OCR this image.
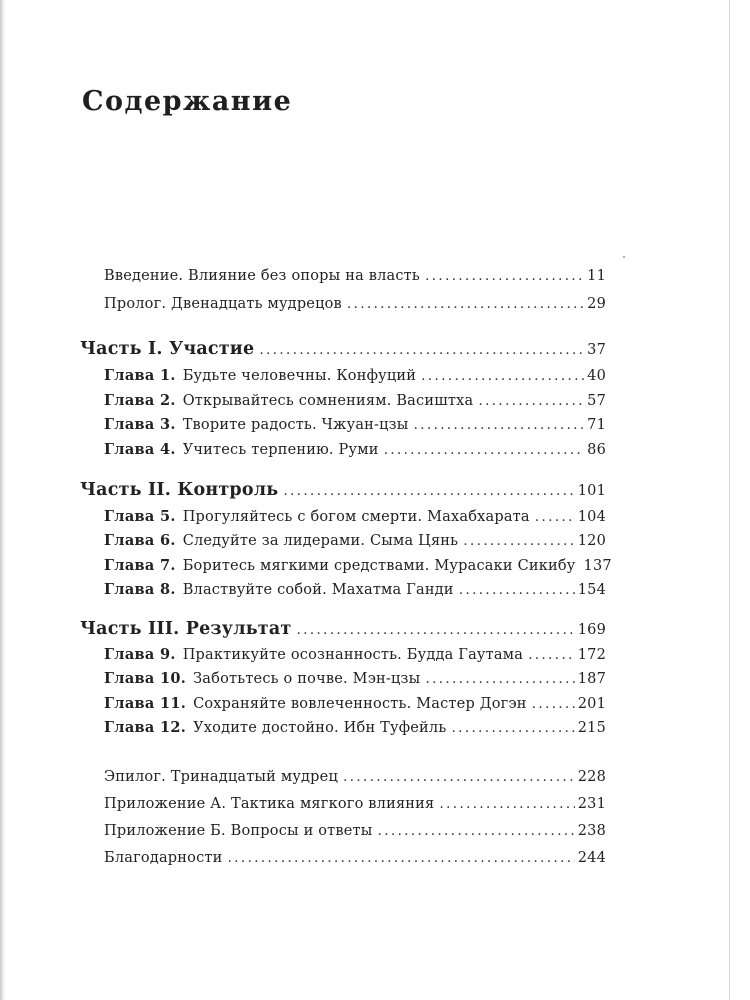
Содержание
Введение. Влияние без опоры на власть .....	11
Пролог. Двенадцать мудрецов .....	29
Часть I. Участие .....	37
Глава 1. Будьте человечны. Конфуций .....	40
Глава 2. Открывайтесь сомнениям. Васиштха .....	57
Глава 3. Творите радость. Чжуан-цзы .....	71
Глава 4. Учитесь терпению. Руми .....	86
Часть II. Контроль .....	101
Глава 5. Прогуляйтесь с богом смерти. Махабхарата .....	104
Глава 6. Следуйте за лидерами. Сыма Цянь .....	120
Глава 7. Боритесь мягкими средствами. Мурасаки Сикибу 137
Глава 8. Властвуйте собой. Махатма Ганди .....	154
Часть III. Результат .....	169
Глава 9. Практикуйте осознанность. Будда Гаутама .....	172
Глава 10. Заботьтесь о почве. Мэн-цзы .....	187
Глава 11. Сохраняйте вовлеченность. Мастер Догэн .....	201
Глава 12. Уходите достойно. Ибн Туфейль .....	215
Эпилог. Тринадцатый мудрец .....	228
Приложение А. Тактика мягкого влияния .....	231
Приложение Б. Вопросы и ответы .....	238
Благодарности .....	244
